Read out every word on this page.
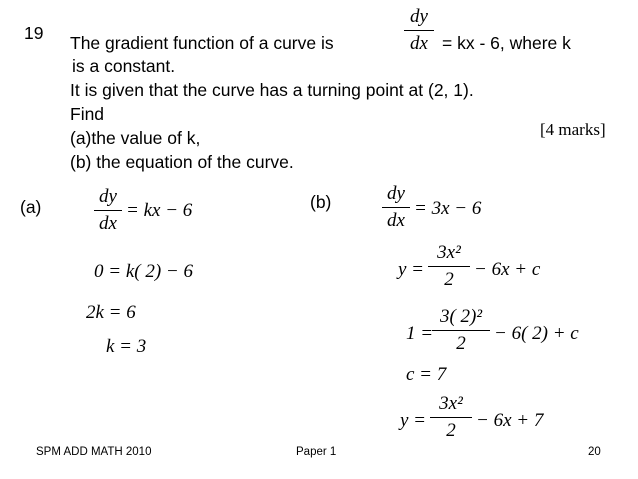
19 The gradient function of a curve is
dy
dx = kx - 6, where k
is a constant.
It is given that the curve has a turning point at (2, 1).
Find
(a)the value of k,
(b) the equation of the curve.
[4 marks]
(a)	dy
dx
= kx − 6
0 = k( 2) − 6
2k = 6
k = 3
(b)	dy
dx
= 3x − 6
y =
3x²
2	− 6x + c
1 =
3( 2)²
2	− 6( 2) + c
c = 7
y =
3x²
2	− 6x + 7
SPM ADD MATH 2010	Paper 1	20
